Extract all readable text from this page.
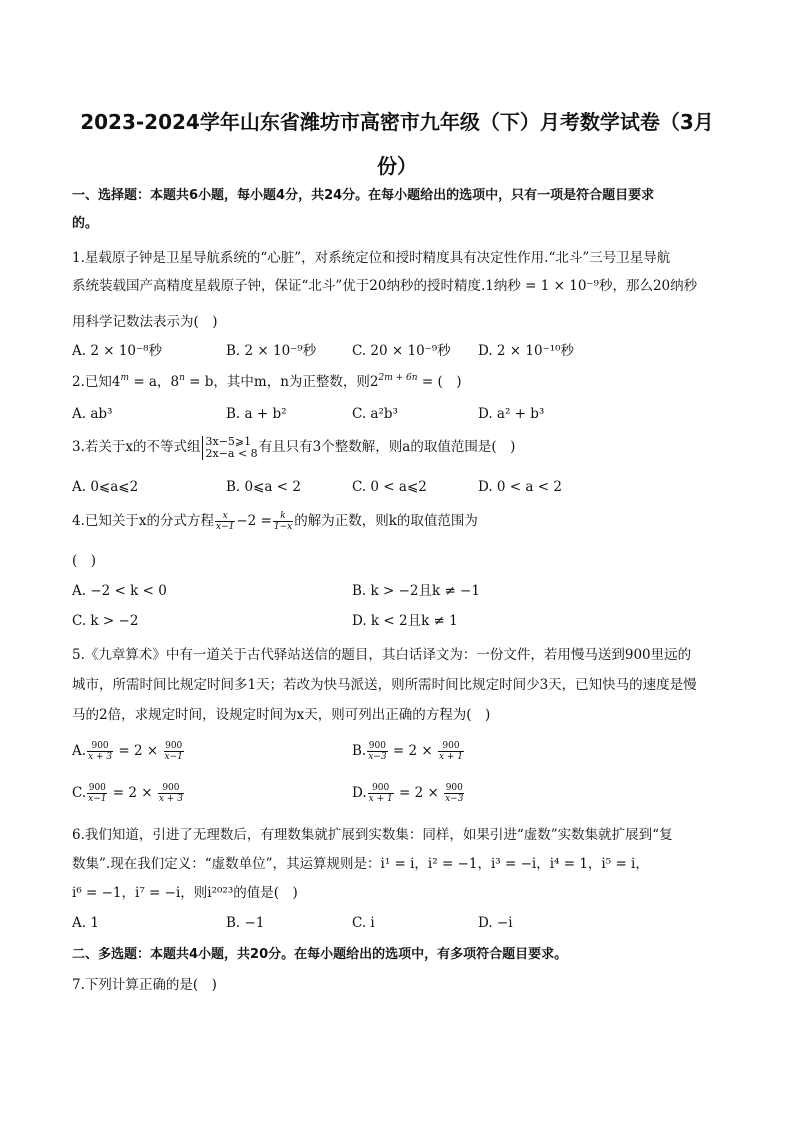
2023-2024学年山东省潍坊市高密市九年级（下）月考数学试卷（3月
份）
一、选择题：本题共6小题，每小题4分，共24分。在每小题给出的选项中，只有一项是符合题目要求
的。
1.星载原子钟是卫星导航系统的“心脏”，对系统定位和授时精度具有决定性作用.“北斗”三号卫星导航
系统装载国产高精度星载原子钟，保证“北斗”优于20纳秒的授时精度.1纳秒 = 1 × 10⁻⁹秒，那么20纳秒
用科学记数法表示为(　)
A. 2 × 10⁻⁸秒	B. 2 × 10⁻⁹秒	C. 20 × 10⁻⁹秒 D. 2 × 10⁻¹⁰秒
2.已知$4^m = a$，$8^n = b$，其中m，n为正整数，则$2^{2m + 6n}$ = (　)
A. ab³	B. a + b²	C. a²b³	D. a² + b³
3.若关于x的不等式组 3x−5⩾1
2x−a < 8 有且只有3个整数解，则a的取值范围是(　)
A. 0⩽a⩽2	B. 0⩽a < 2	C. 0 < a⩽2	D. 0 < a < 2
4.已知关于x的分式方程 $\frac{x}{x-1} -2 = \frac{k}{1-x}$ 的解为正数，则k的取值范围为
(　)
A. −2 < k < 0	B. k > −2且k ≠ −1
C. k > −2	D. k < 2且k ≠ 1
5.《九章算术》中有一道关于古代驿站送信的题目，其白话译文为：一份文件，若用慢马送到900里远的
城市，所需时间比规定时间多1天；若改为快马派送，则所需时间比规定时间少3天，已知快马的速度是慢
马的2倍，求规定时间，设规定时间为x天，则可列出正确的方程为(　)
A. $\frac{900}{x + 3} = 2 \times \frac{900}{x-1}$	B. $\frac{900}{x-3} = 2 \times \frac{900}{x + 1}$
C. $\frac{900}{x-1} = 2 \times \frac{900}{x + 3}$	D. $\frac{900}{x + 1} = 2 \times \frac{900}{x-3}$
6.我们知道，引进了无理数后，有理数集就扩展到实数集：同样，如果引进“虚数”实数集就扩展到“复
数集”.现在我们定义：“虚数单位”，其运算规则是：i¹ = i，i² = −1，i³ = −i，i⁴ = 1，i⁵ = i，
i⁶ = −1，i⁷ = −i，则i²⁰²³的值是(　)
A. 1	B. −1	C. i	D. −i
二、多选题：本题共4小题，共20分。在每小题给出的选项中，有多项符合题目要求。
7.下列计算正确的是(　)
